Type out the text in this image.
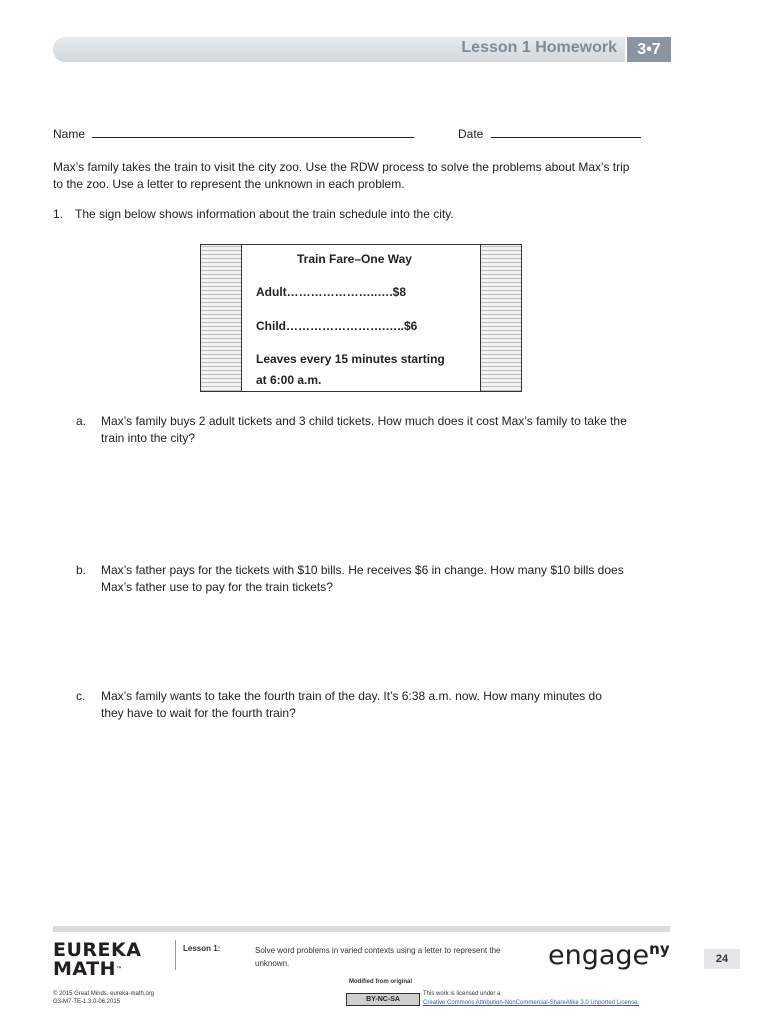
Lesson 1 Homework	3•7
Name	Date
Max’s family takes the train to visit the city zoo. Use the RDW process to solve the problems about Max’s trip
to the zoo. Use a letter to represent the unknown in each problem.
1. The sign below shows information about the train schedule into the city.
Train Fare–One Way
Adult…………………..….$8
Child…………………….…..$6
Leaves every 15 minutes starting
at 6:00 a.m.
a. Max’s family buys 2 adult tickets and 3 child tickets. How much does it cost Max’s family to take the
train into the city?
b. Max’s father pays for the tickets with $10 bills. He receives $6 in change. How many $10 bills does
Max’s father use to pay for the train tickets?
c. Max’s family wants to take the fourth train of the day. It’s 6:38 a.m. now. How many minutes do
they have to wait for the fourth train?
EUREKA
MATH™
© 2015 Great Minds. eureka-math.org
G3-M7-TE-1.3.0-06.2015
Lesson 1:	Solve word problems in varied contexts using a letter to represent the
unknown.	engage$^{ny}$
24
Modified from original
BY-NC-SA
This work is licensed under a
Creative Commons Attribution-NonCommercial-ShareAlike 3.0 Unported License.
